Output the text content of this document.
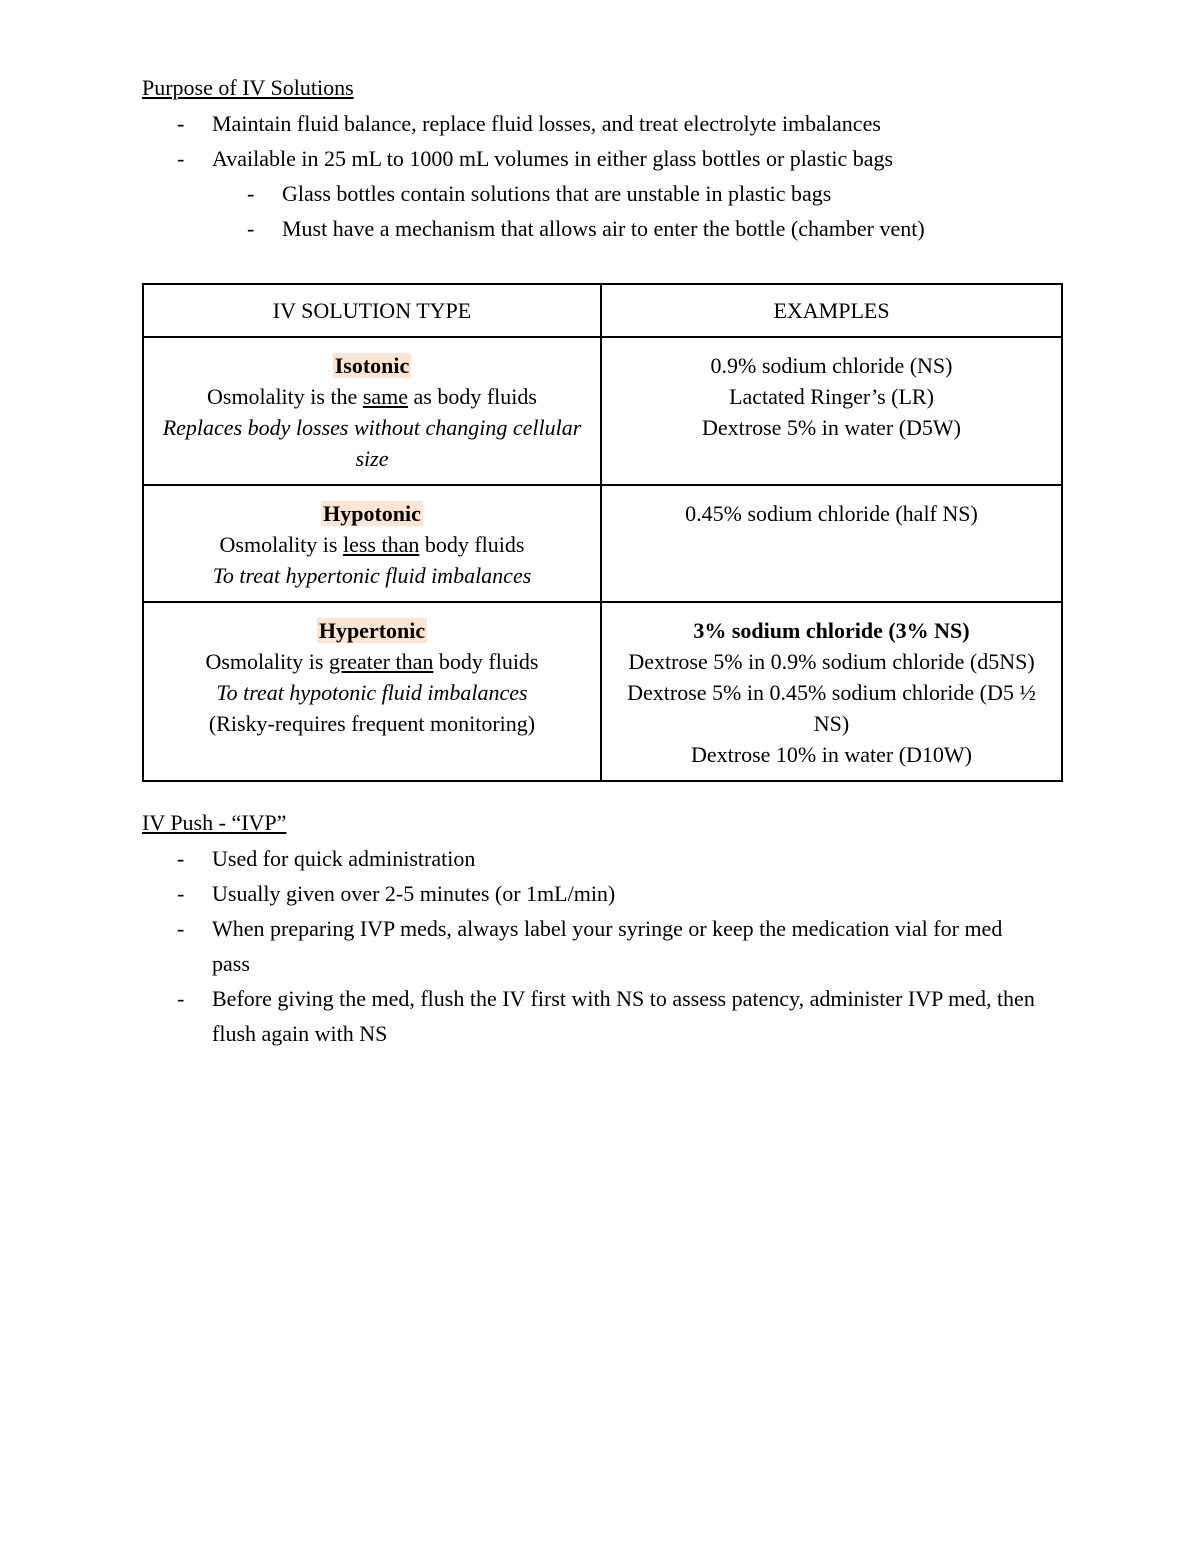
Purpose of IV Solutions
- Maintain fluid balance, replace fluid losses, and treat electrolyte imbalances
- Available in 25 mL to 1000 mL volumes in either glass bottles or plastic bags
- Glass bottles contain solutions that are unstable in plastic bags
- Must have a mechanism that allows air to enter the bottle (chamber vent)
IV SOLUTION TYPE	EXAMPLES

Isotonic
Osmolality is the same as body fluids
Replaces body losses without changing cellular size	0.9% sodium chloride (NS)
Lactated Ringer’s (LR)
Dextrose 5% in water (D5W)

Hypotonic
Osmolality is less than body fluids
To treat hypertonic fluid imbalances	0.45% sodium chloride (half NS)

Hypertonic
Osmolality is greater than body fluids
To treat hypotonic fluid imbalances
(Risky-requires frequent monitoring)	3% sodium chloride (3% NS)
Dextrose 5% in 0.9% sodium chloride (d5NS)
Dextrose 5% in 0.45% sodium chloride (D5 ½ NS)
Dextrose 10% in water (D10W)
IV Push - “IVP”
- Used for quick administration
- Usually given over 2-5 minutes (or 1mL/min)
- When preparing IVP meds, always label your syringe or keep the medication vial for med pass
- Before giving the med, flush the IV first with NS to assess patency, administer IVP med, then flush again with NS
